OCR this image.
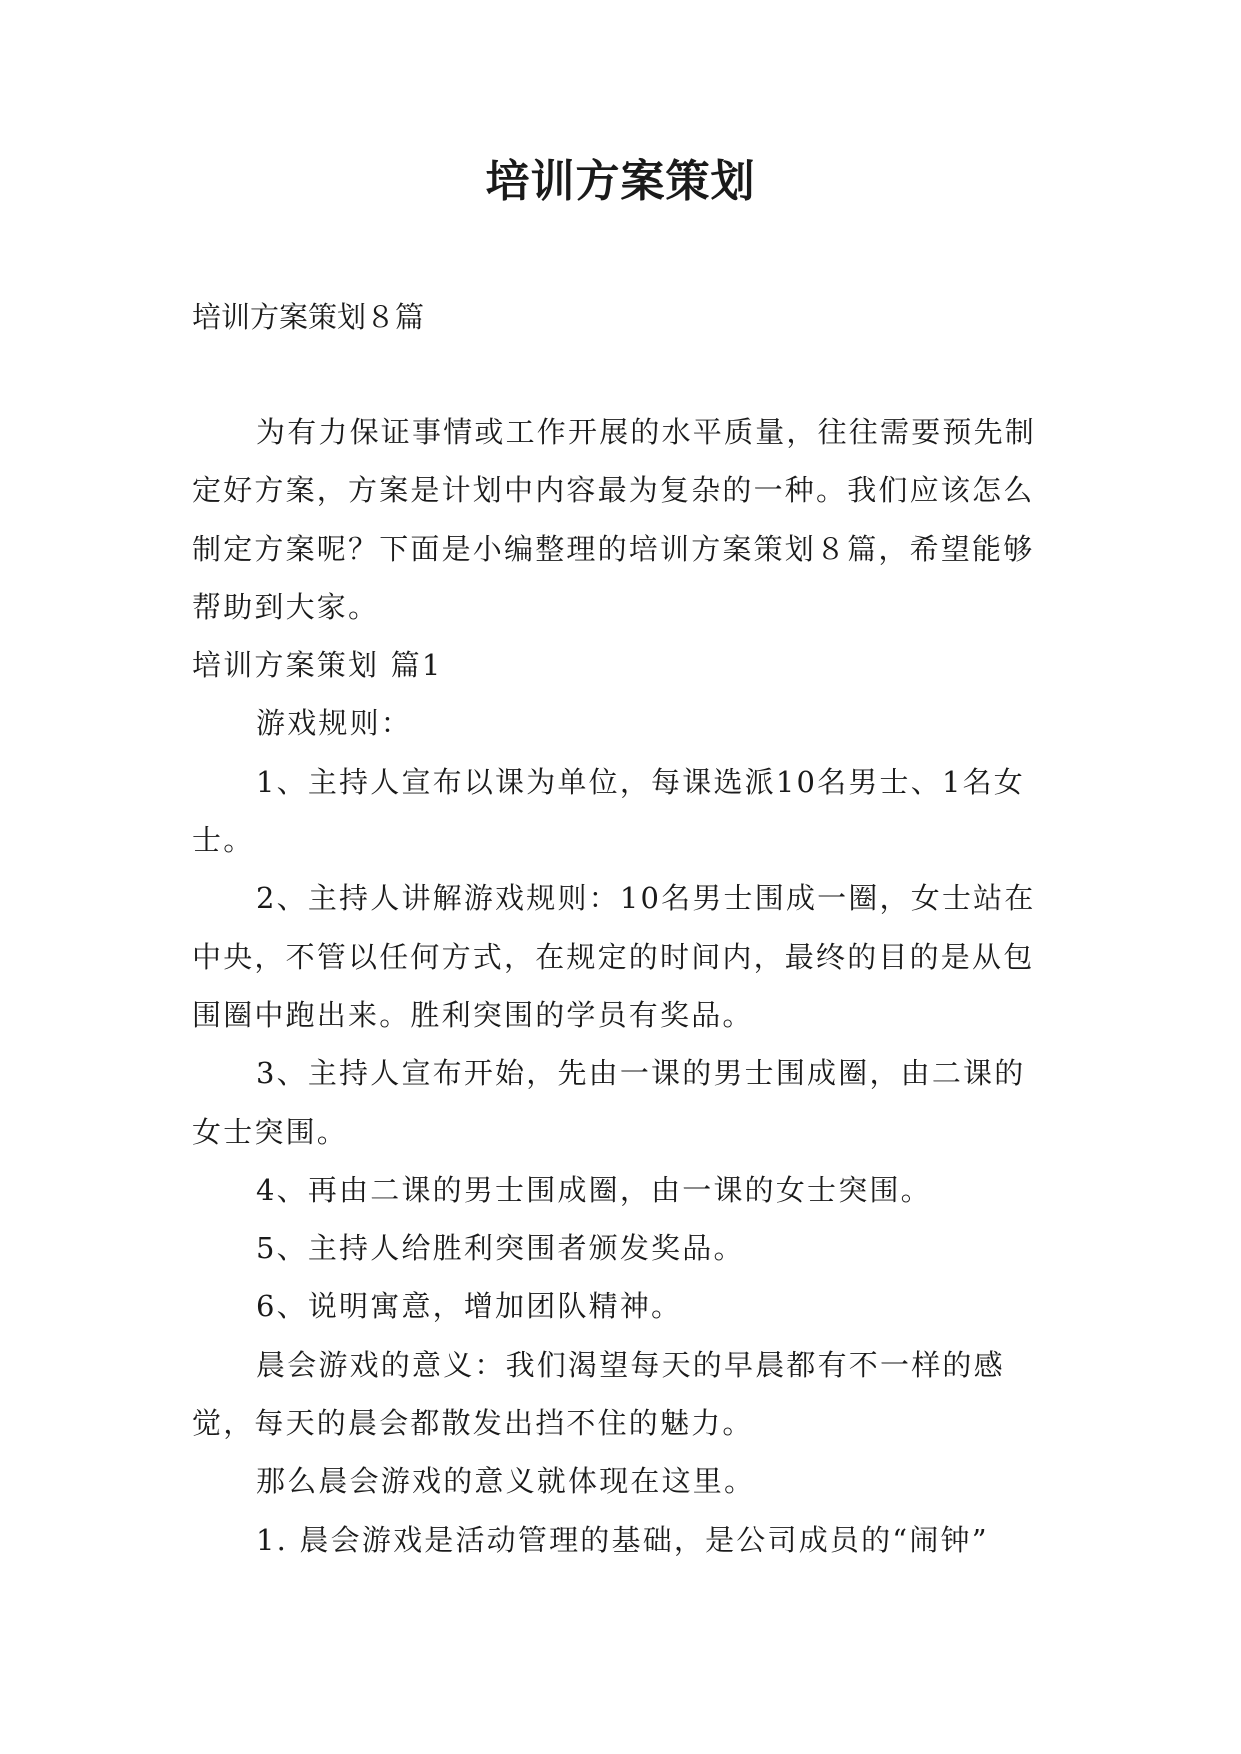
培训方案策划

培训方案策划８篇

为有力保证事情或工作开展的水平质量，往往需要预先制定好方案，方案是计划中内容最为复杂的一种。我们应该怎么制定方案呢？下面是小编整理的培训方案策划８篇，希望能够帮助到大家。

培训方案策划 篇1

游戏规则：

1、主持人宣布以课为单位，每课选派10名男士、1名女士。

2、主持人讲解游戏规则：10名男士围成一圈，女士站在中央，不管以任何方式，在规定的时间内，最终的目的是从包围圈中跑出来。胜利突围的学员有奖品。

3、主持人宣布开始，先由一课的男士围成圈，由二课的女士突围。

4、再由二课的男士围成圈，由一课的女士突围。

5、主持人给胜利突围者颁发奖品。

6、说明寓意，增加团队精神。

晨会游戏的意义：我们渴望每天的早晨都有不一样的感觉，每天的晨会都散发出挡不住的魅力。

那么晨会游戏的意义就体现在这里。

1. 晨会游戏是活动管理的基础，是公司成员的“闹钟”
